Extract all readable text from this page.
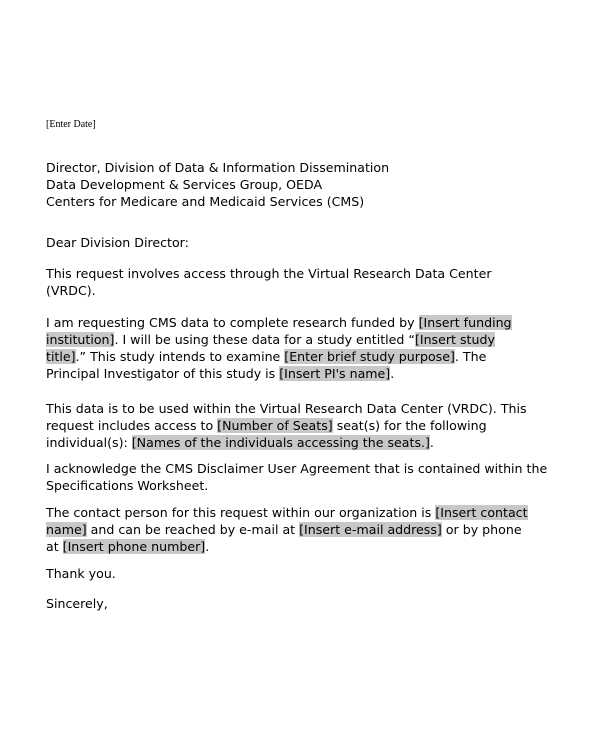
[Enter Date]
Director, Division of Data & Information Dissemination
Data Development & Services Group, OEDA
Centers for Medicare and Medicaid Services (CMS)
Dear Division Director:
This request involves access through the Virtual Research Data Center
(VRDC).
I am requesting CMS data to complete research funded by [Insert funding
institution]. I will be using these data for a study entitled “[Insert study
title].” This study intends to examine [Enter brief study purpose]. The
Principal Investigator of this study is [Insert PI's name].
This data is to be used within the Virtual Research Data Center (VRDC). This
request includes access to [Number of Seats] seat(s) for the following
individual(s): [Names of the individuals accessing the seats.].
I acknowledge the CMS Disclaimer User Agreement that is contained within the
Specifications Worksheet.
The contact person for this request within our organization is [Insert contact
name] and can be reached by e-mail at [Insert e-mail address] or by phone
at [Insert phone number].
Thank you.
Sincerely,
